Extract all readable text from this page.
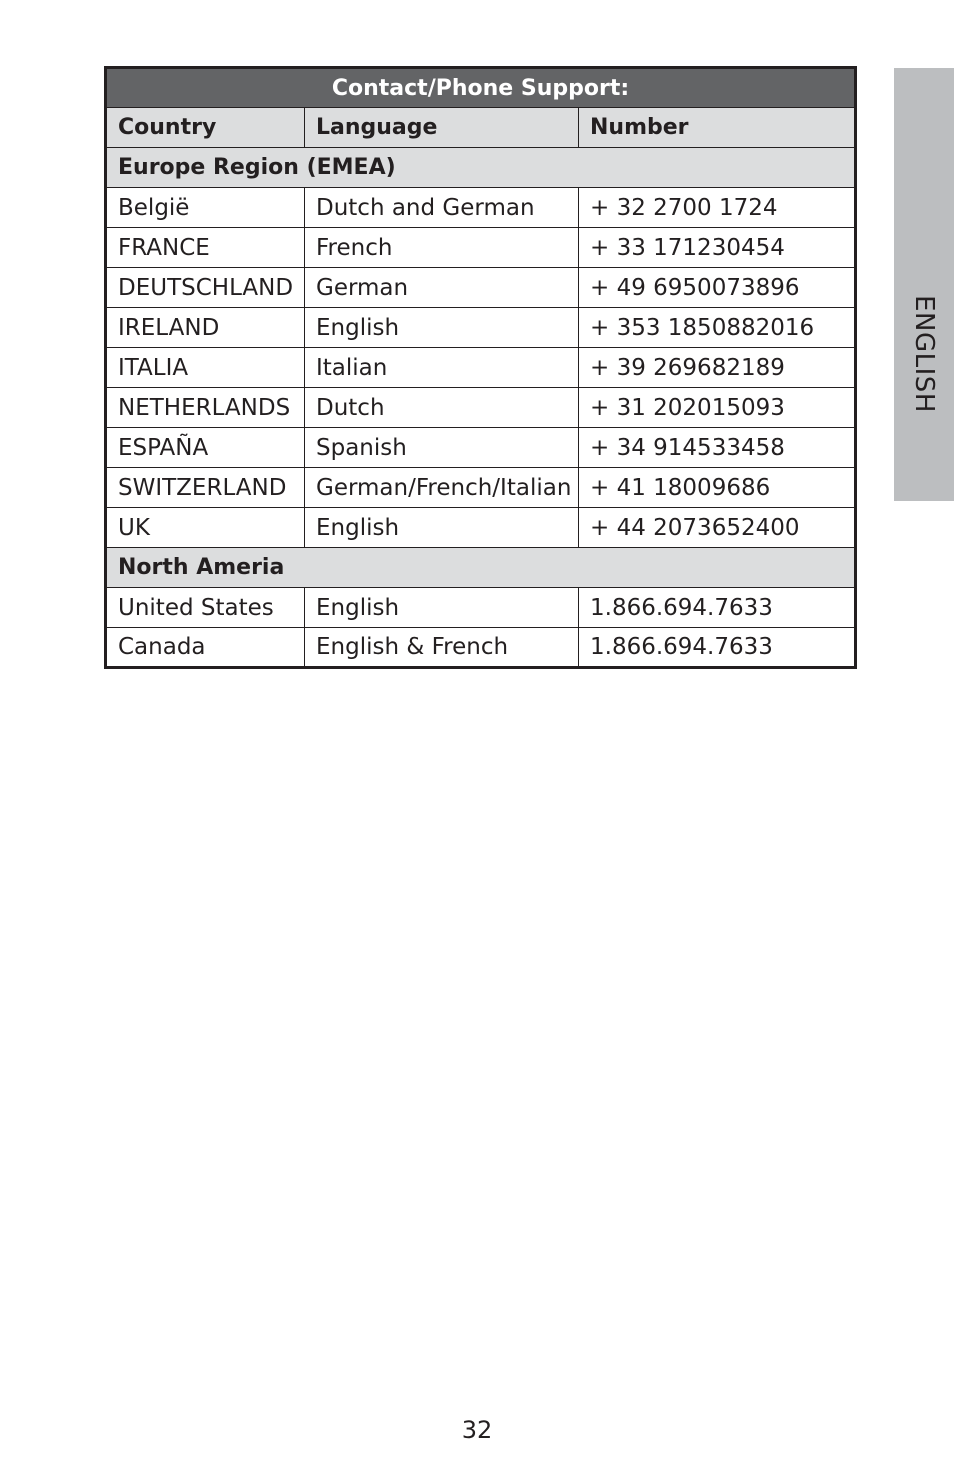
Contact/Phone Support:		
Country	Language	Number
Europe Region (EMEA)		
België	Dutch and German	+ 32 2700 1724
FRANCE	French	+ 33 171230454
DEUTSCHLAND	German	+ 49 6950073896
IRELAND	English	+ 353 1850882016
ITALIA	Italian	+ 39 269682189
NETHERLANDS	Dutch	+ 31 202015093
ESPAÑA	Spanish	+ 34 914533458
SWITZERLAND	German/French/Italian	+ 41 18009686
UK	English	+ 44 2073652400
North Ameria		
United States	English	1.866.694.7633
Canada	English & French	1.866.694.7633
ENGLISH
32
